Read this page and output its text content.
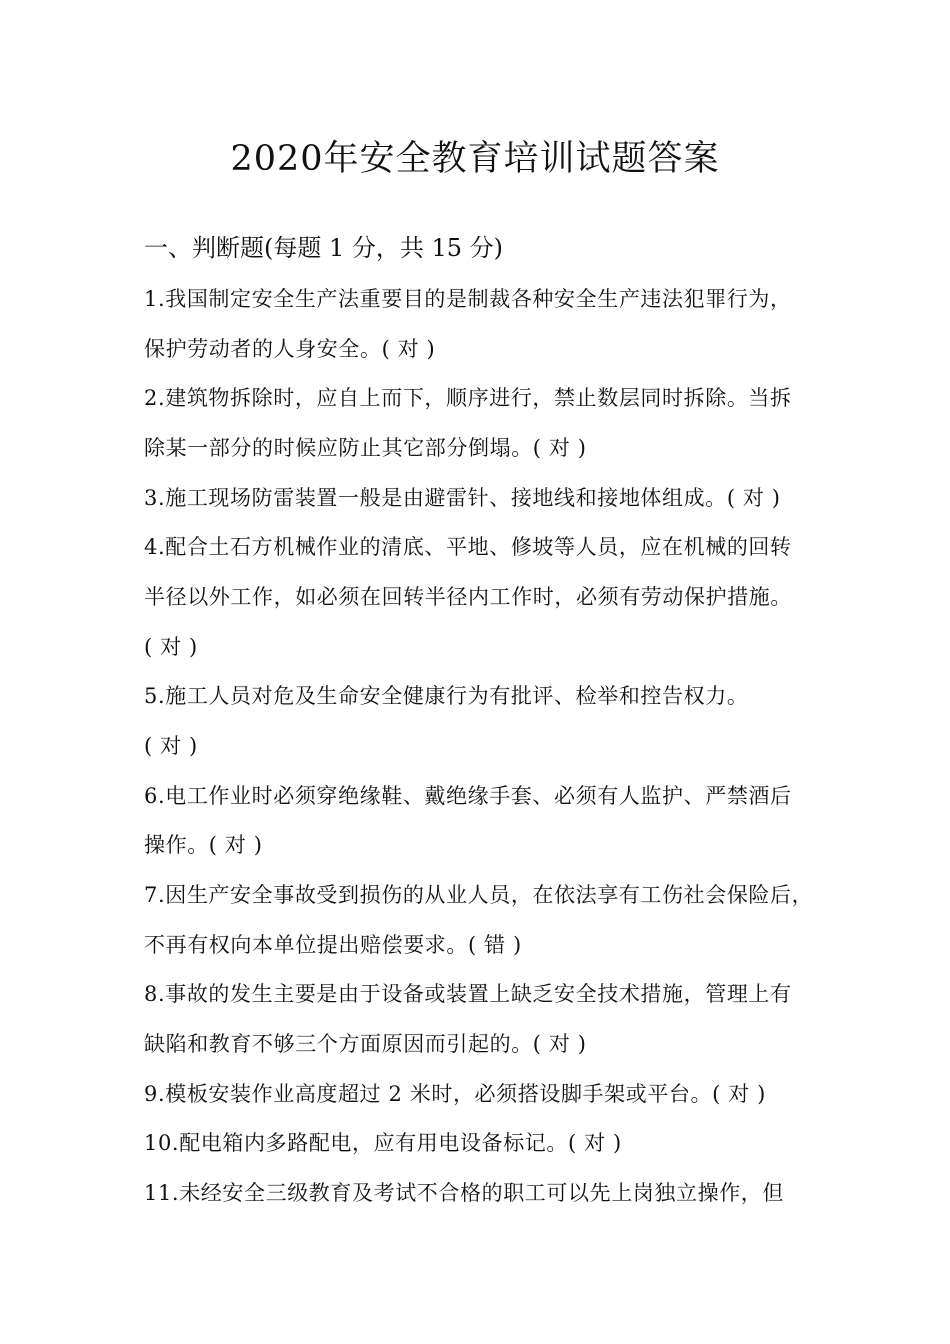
2020年安全教育培训试题答案
一、判断题(每题 1 分，共 15 分)
1.我国制定安全生产法重要目的是制裁各种安全生产违法犯罪行为，
保护劳动者的人身安全。( 对 )
2.建筑物拆除时，应自上而下，顺序进行，禁止数层同时拆除。当拆
除某一部分的时候应防止其它部分倒塌。( 对 )
3.施工现场防雷装置一般是由避雷针、接地线和接地体组成。( 对 )
4.配合土石方机械作业的清底、平地、修坡等人员，应在机械的回转
半径以外工作，如必须在回转半径内工作时，必须有劳动保护措施。
( 对 )
5.施工人员对危及生命安全健康行为有批评、检举和控告权力。
( 对 )
6.电工作业时必须穿绝缘鞋、戴绝缘手套、必须有人监护、严禁酒后
操作。( 对 )
7.因生产安全事故受到损伤的从业人员，在依法享有工伤社会保险后，
不再有权向本单位提出赔偿要求。( 错 )
8.事故的发生主要是由于设备或装置上缺乏安全技术措施，管理上有
缺陷和教育不够三个方面原因而引起的。( 对 )
9.模板安装作业高度超过 2 米时，必须搭设脚手架或平台。( 对 )
10.配电箱内多路配电，应有用电设备标记。( 对 )
11.未经安全三级教育及考试不合格的职工可以先上岗独立操作，但
